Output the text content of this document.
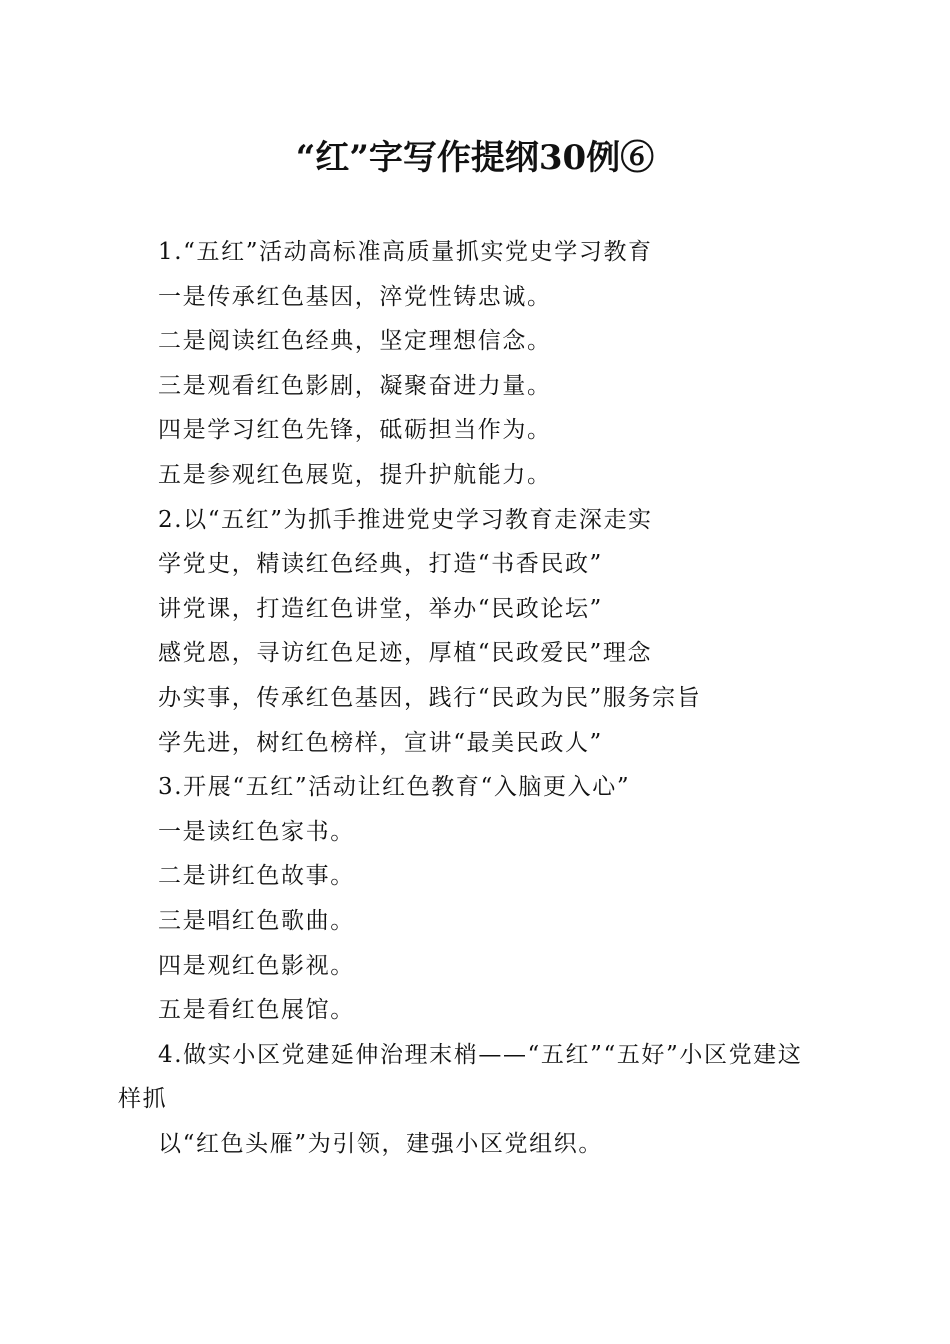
“红”字写作提纲30例⑥

1.“五红”活动高标准高质量抓实党史学习教育

一是传承红色基因，淬党性铸忠诚。

二是阅读红色经典，坚定理想信念。

三是观看红色影剧，凝聚奋进力量。

四是学习红色先锋，砥砺担当作为。

五是参观红色展览，提升护航能力。

2.以“五红”为抓手推进党史学习教育走深走实

学党史，精读红色经典，打造“书香民政”

讲党课，打造红色讲堂，举办“民政论坛”

感党恩，寻访红色足迹，厚植“民政爱民”理念

办实事，传承红色基因，践行“民政为民”服务宗旨

学先进，树红色榜样，宣讲“最美民政人”

3.开展“五红”活动让红色教育“入脑更入心”

一是读红色家书。

二是讲红色故事。

三是唱红色歌曲。

四是观红色影视。

五是看红色展馆。

4.做实小区党建延伸治理末梢——“五红”“五好”小区党建这样抓

以“红色头雁”为引领，建强小区党组织。
